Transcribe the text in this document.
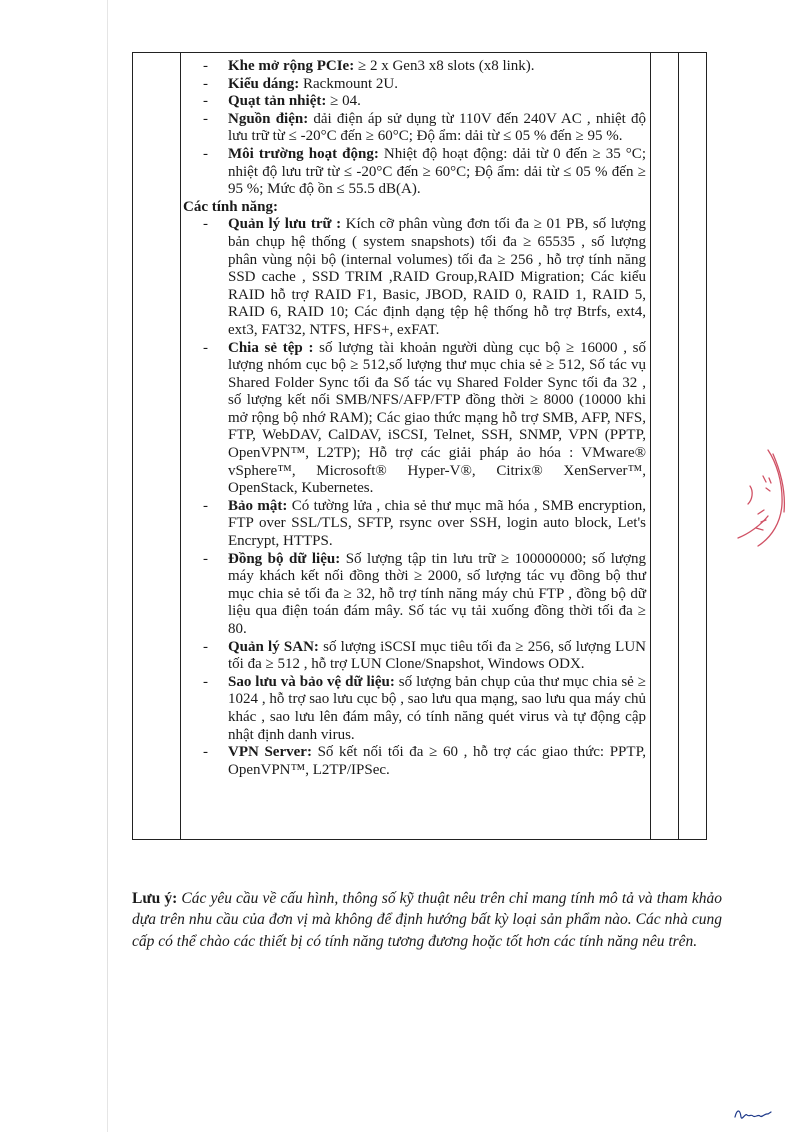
- Khe mở rộng PCIe: ≥ 2 x Gen3 x8 slots (x8 link).
- Kiểu dáng: Rackmount 2U.
- Quạt tản nhiệt: ≥ 04.
- Nguồn điện: dải điện áp sử dụng từ 110V đến 240V AC , nhiệt độ lưu trữ từ ≤ -20°C đến ≥ 60°C; Độ ẩm: dải từ ≤ 05 % đến ≥ 95 %.
- Môi trường hoạt động: Nhiệt độ hoạt động: dải từ 0 đến ≥ 35 °C; nhiệt độ lưu trữ từ ≤ -20°C đến ≥ 60°C; Độ ẩm: dải từ ≤ 05 % đến ≥ 95 %; Mức độ ồn ≤ 55.5 dB(A).
Các tính năng:
- Quản lý lưu trữ : Kích cỡ phân vùng đơn tối đa ≥ 01 PB, số lượng bản chụp hệ thống ( system snapshots) tối đa ≥ 65535 , số lượng phân vùng nội bộ (internal volumes) tối đa ≥ 256 , hỗ trợ tính năng SSD cache , SSD TRIM ,RAID Group,RAID Migration; Các kiểu RAID hỗ trợ RAID F1, Basic, JBOD, RAID 0, RAID 1, RAID 5, RAID 6, RAID 10; Các định dạng tệp hệ thống hỗ trợ Btrfs, ext4, ext3, FAT32, NTFS, HFS+, exFAT.
- Chia sẻ tệp : số lượng tài khoản người dùng cục bộ ≥ 16000 , số lượng nhóm cục bộ ≥ 512,số lượng thư mục chia sẻ ≥ 512, Số tác vụ Shared Folder Sync tối đa Số tác vụ Shared Folder Sync tối đa 32 , số lượng kết nối SMB/NFS/AFP/FTP đồng thời ≥ 8000 (10000 khi mở rộng bộ nhớ RAM); Các giao thức mạng hỗ trợ SMB, AFP, NFS, FTP, WebDAV, CalDAV, iSCSI, Telnet, SSH, SNMP, VPN (PPTP, OpenVPN™, L2TP); Hỗ trợ các giải pháp ảo hóa : VMware® vSphere™, Microsoft® Hyper-V®, Citrix® XenServer™, OpenStack, Kubernetes.
- Bảo mật: Có tường lửa , chia sẻ thư mục mã hóa , SMB encryption, FTP over SSL/TLS, SFTP, rsync over SSH, login auto block, Let's Encrypt, HTTPS.
- Đồng bộ dữ liệu: Số lượng tập tin lưu trữ ≥ 100000000; số lượng máy khách kết nối đồng thời ≥ 2000, số lượng tác vụ đồng bộ thư mục chia sẻ tối đa ≥ 32, hỗ trợ tính năng máy chủ FTP , đồng bộ dữ liệu qua điện toán đám mây. Số tác vụ tải xuống đồng thời tối đa ≥ 80.
- Quản lý SAN: số lượng iSCSI mục tiêu tối đa ≥ 256, số lượng LUN tối đa ≥ 512 , hỗ trợ LUN Clone/Snapshot, Windows ODX.
- Sao lưu và bảo vệ dữ liệu: số lượng bản chụp của thư mục chia sẻ ≥ 1024 , hỗ trợ sao lưu cục bộ , sao lưu qua mạng, sao lưu qua máy chủ khác , sao lưu lên đám mây, có tính năng quét virus và tự động cập nhật định danh virus.
- VPN Server: Số kết nối tối đa ≥ 60 , hỗ trợ các giao thức: PPTP, OpenVPN™, L2TP/IPSec.

Lưu ý: Các yêu cầu về cấu hình, thông số kỹ thuật nêu trên chỉ mang tính mô tả và tham khảo dựa trên nhu cầu của đơn vị mà không để định hướng bất kỳ loại sản phẩm nào. Các nhà cung cấp có thể chào các thiết bị có tính năng tương đương hoặc tốt hơn các tính năng nêu trên.
